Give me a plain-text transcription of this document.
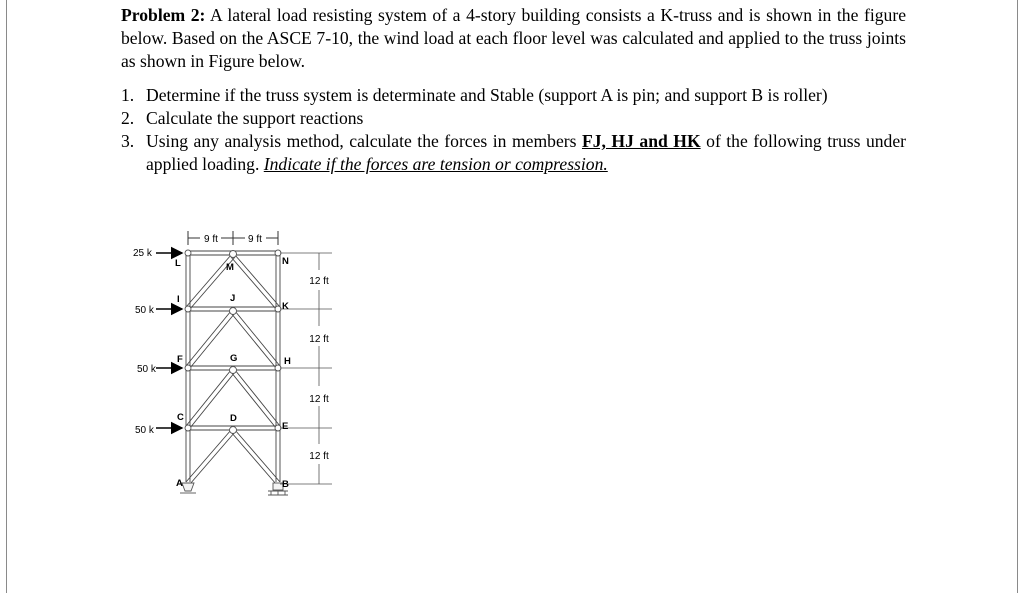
Problem 2: A lateral load resisting system of a 4-story building consists a K-truss and is shown in the figure below. Based on the ASCE 7-10, the wind load at each floor level was calculated and applied to the truss joints as shown in Figure below.

1. Determine if the truss system is determinate and Stable (support A is pin; and support B is roller)
2. Calculate the support reactions
3. Using any analysis method, calculate the forces in members FJ, HJ and HK of the following truss under applied loading. Indicate if the forces are tension or compression.
9 ft	9 ft
25 k
50 k
50 k
50 k
12 ft
12 ft
12 ft
12 ft
L	M
N
I	J
K
F	G	H
C	D
E
A	B
